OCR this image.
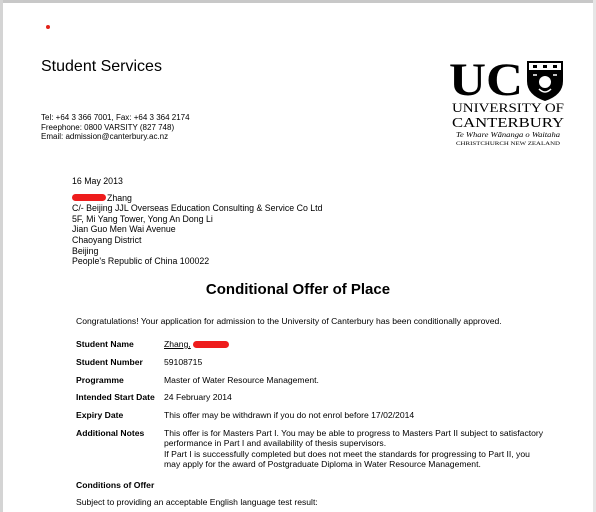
Student Services
Tel: +64 3 366 7001, Fax: +64 3 364 2174
Freephone: 0800 VARSITY (827 748)
Email: admission@canterbury.ac.nz
UC
UNIVERSITY OF
CANTERBURY
Te Whare Wānanga o Waitaha
CHRISTCHURCH NEW ZEALAND
16 May 2013
Zhang
C/- Beijing JJL Overseas Education Consulting & Service Co Ltd
5F, Mi Yang Tower, Yong An Dong Li
Jian Guo Men Wai Avenue
Chaoyang District
Beijing
People's Republic of China 100022
Conditional Offer of Place
Congratulations! Your application for admission to the University of Canterbury has been conditionally approved.
Student Name	Zhang,
Student Number 59108715
Programme	Master of Water Resource Management.
Intended Start Date 24 February 2014
Expiry Date	This offer may be withdrawn if you do not enrol before 17/02/2014
Additional Notes This offer is for Masters Part I. You may be able to progress to Masters Part II subject to satisfactory
performance in Part I and availability of thesis supervisors.
If Part I is successfully completed but does not meet the standards for progressing to Part II, you
may apply for the award of Postgraduate Diploma in Water Resource Management.
Conditions of Offer
Subject to providing an acceptable English language test result:
